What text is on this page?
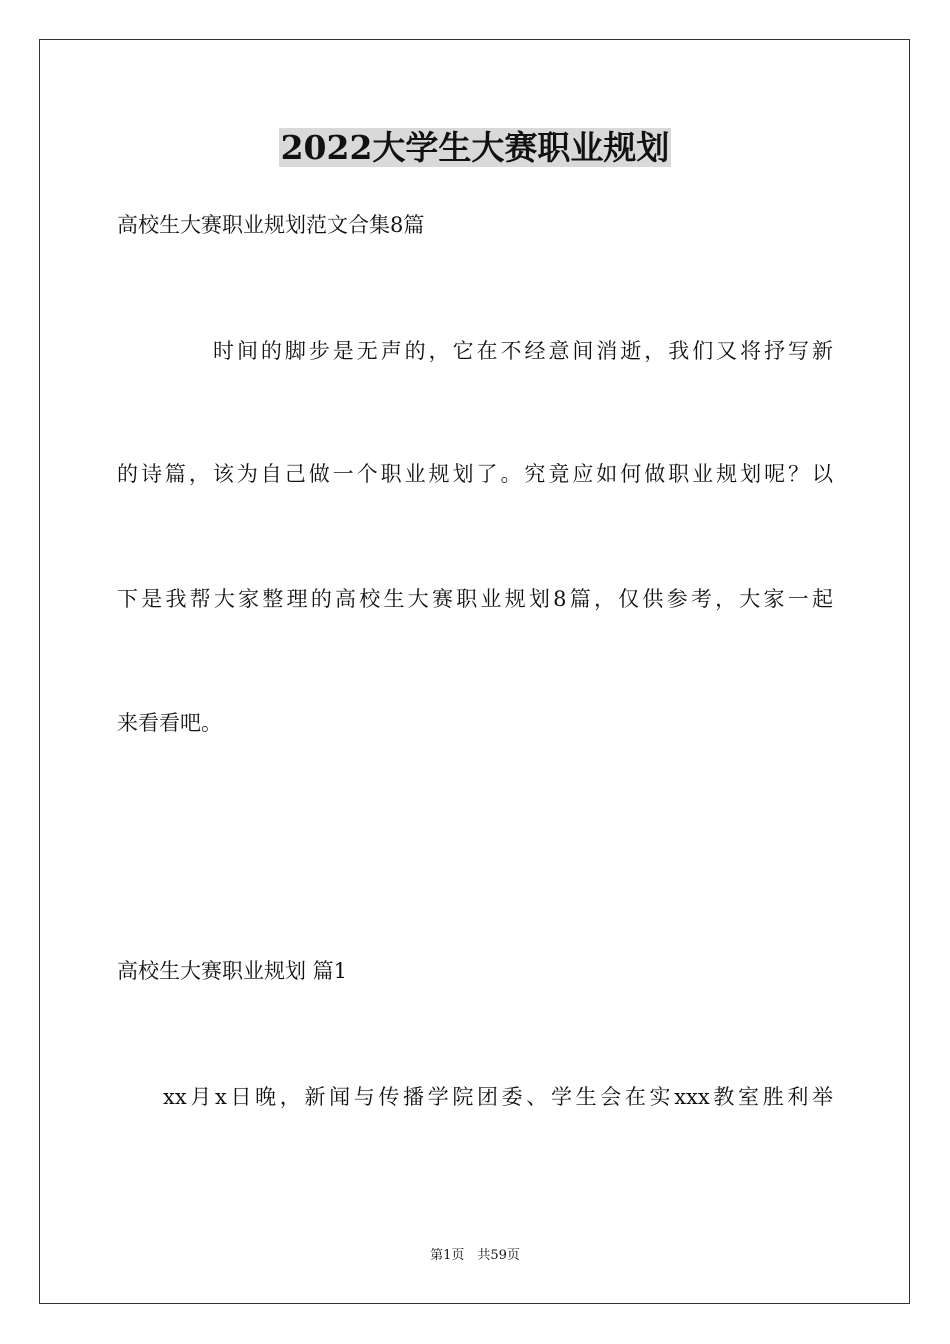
2022大学生大赛职业规划

高校生大赛职业规划范文合集8篇

时间的脚步是无声的，它在不经意间消逝，我们又将抒写新

的诗篇，该为自己做一个职业规划了。究竟应如何做职业规划呢？以

下是我帮大家整理的高校生大赛职业规划8篇，仅供参考，大家一起

来看看吧。

高校生大赛职业规划 篇1

xx月x日晚，新闻与传播学院团委、学生会在实xxx教室胜利举

第1页　共59页
